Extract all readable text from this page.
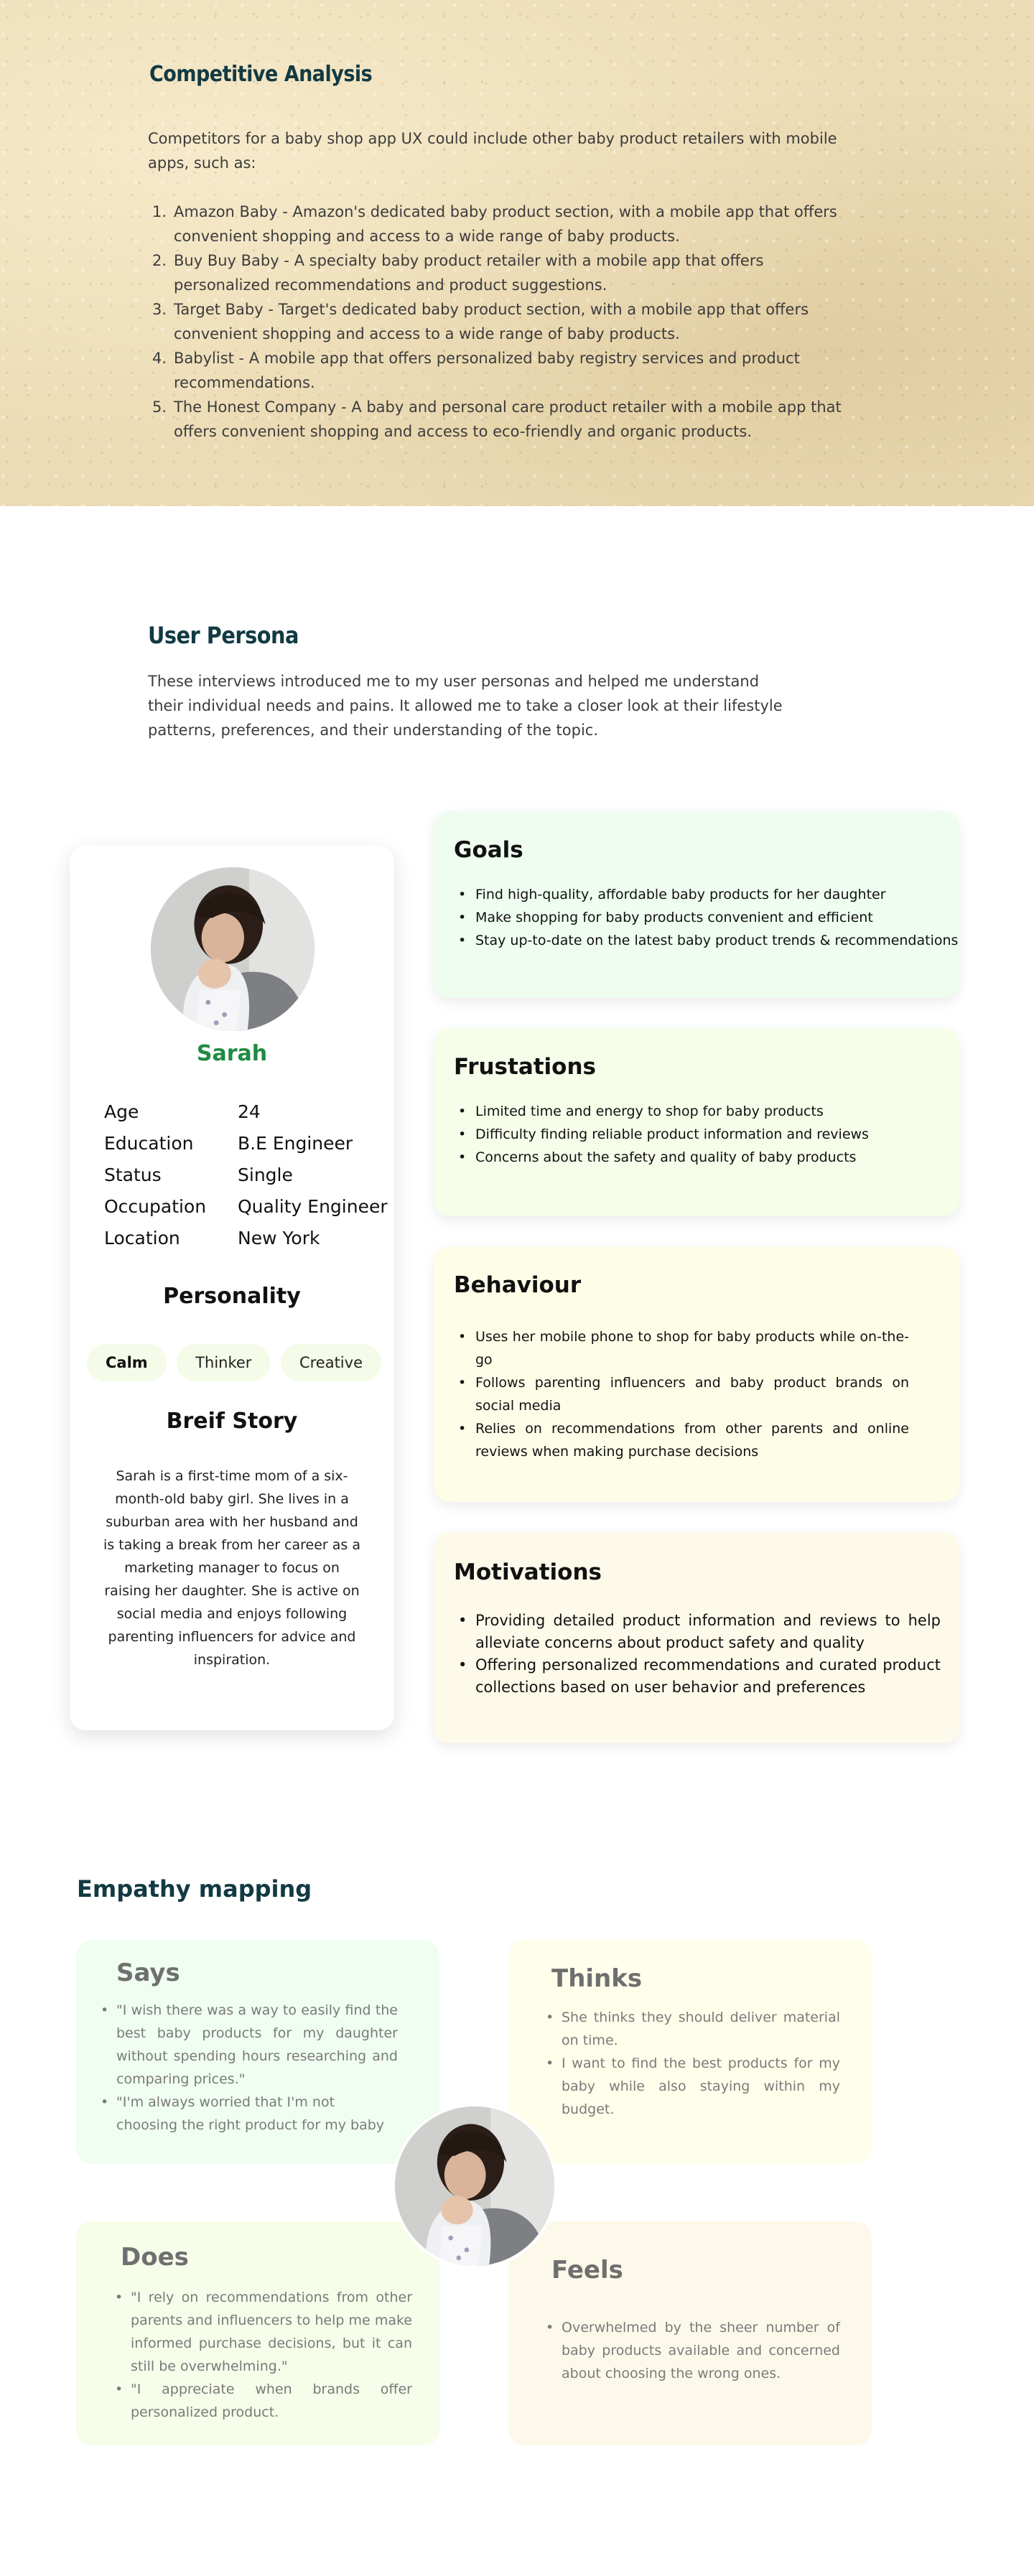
Competitive Analysis

Competitors for a baby shop app UX could include other baby product retailers with mobile apps, such as:

1. Amazon Baby - Amazon's dedicated baby product section, with a mobile app that offers convenient shopping and access to a wide range of baby products.
2. Buy Buy Baby - A specialty baby product retailer with a mobile app that offers personalized recommendations and product suggestions.
3. Target Baby - Target's dedicated baby product section, with a mobile app that offers convenient shopping and access to a wide range of baby products.
4. Babylist - A mobile app that offers personalized baby registry services and product recommendations.
5. The Honest Company - A baby and personal care product retailer with a mobile app that offers convenient shopping and access to eco-friendly and organic products.
User Persona

These interviews introduced me to my user personas and helped me understand their individual needs and pains. It allowed me to take a closer look at their lifestyle patterns, preferences, and their understanding of the topic.

Sarah
Age	24
Education	B.E Engineer
Status	Single
Occupation	Quality Engineer
Location	New York
Personality
Calm	Thinker	Creative
Breif Story

Sarah is a first-time mom of a six-month-old baby girl. She lives in a suburban area with her husband and is taking a break from her career as a marketing manager to focus on raising her daughter. She is active on social media and enjoys following parenting influencers for advice and inspiration.

Goals
• Find high-quality, affordable baby products for her daughter
• Make shopping for baby products convenient and efficient
• Stay up-to-date on the latest baby product trends & recommendations
Frustations
• Limited time and energy to shop for baby products
• Difficulty finding reliable product information and reviews
• Concerns about the safety and quality of baby products
Behaviour
• Uses her mobile phone to shop for baby products while on-the-go
• Follows parenting influencers and baby product brands on social media
• Relies on recommendations from other parents and online reviews when making purchase decisions
Motivations
• Providing detailed product information and reviews to help alleviate concerns about product safety and quality
• Offering personalized recommendations and curated product collections based on user behavior and preferences
Empathy mapping
Says
• "I wish there was a way to easily find the best baby products for my daughter without spending hours researching and comparing prices."
• "I'm always worried that I'm not choosing the right product for my baby
Thinks
• She thinks they should deliver material on time.
• I want to find the best products for my baby while also staying within my budget.
Does
• "I rely on recommendations from other parents and influencers to help me make informed purchase decisions, but it can still be overwhelming."
• "I appreciate when brands offer personalized product.
Feels
• Overwhelmed by the sheer number of baby products available and concerned about choosing the wrong ones.
